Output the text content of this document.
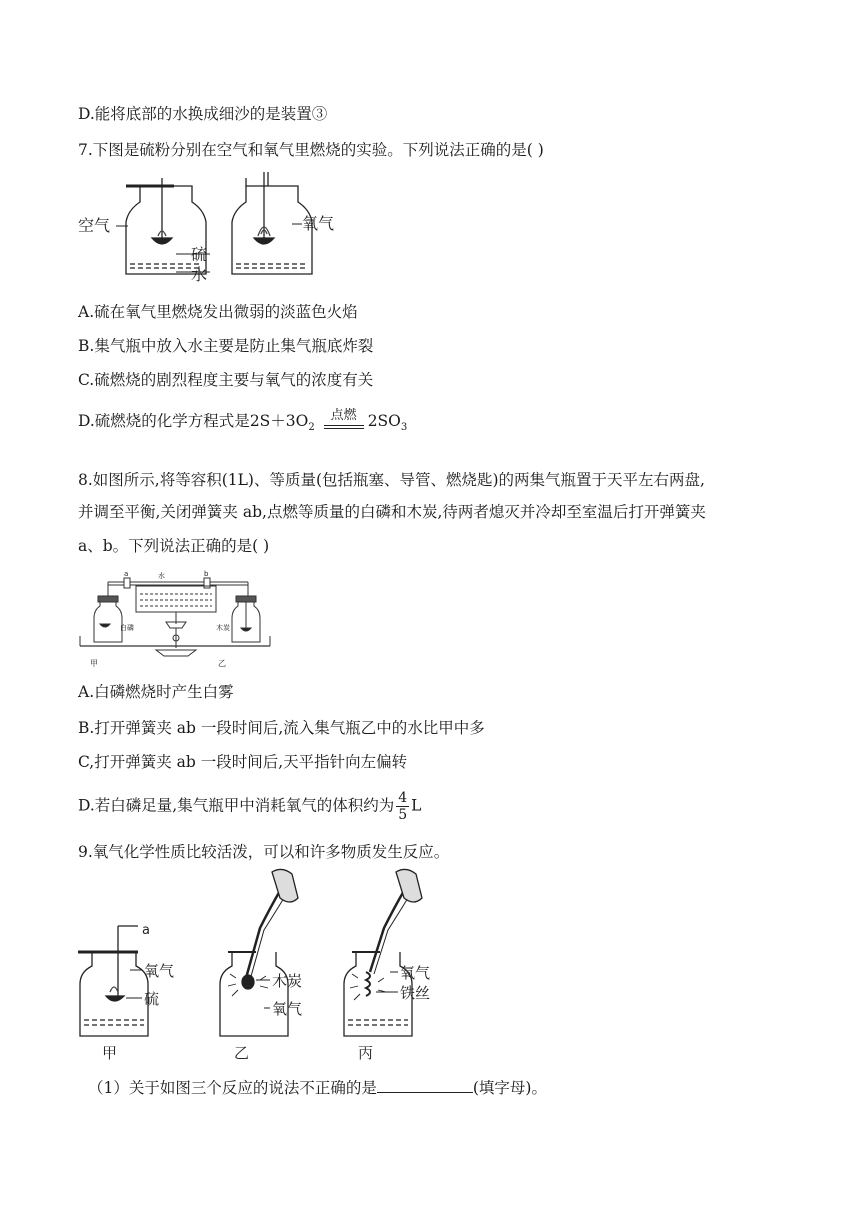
D.能将底部的水换成细沙的是装置③
7.下图是硫粉分别在空气和氧气里燃烧的实验。下列说法正确的是( )
空气	氧气
硫
水
A.硫在氧气里燃烧发出微弱的淡蓝色火焰
B.集气瓶中放入水主要是防止集气瓶底炸裂
C.硫燃烧的剧烈程度主要与氧气的浓度有关
D.硫燃烧的化学方程式是$2S+3O_2$
点燃 $2SO_3$
8.如图所示,将等容积(1L)、等质量(包括瓶塞、导管、燃烧匙)的两集气瓶置于天平左右两盘,
并调至平衡,关闭弹簧夹 ab,点燃等质量的白磷和木炭,待两者熄灭并冷却至室温后打开弹簧夹
a、b。下列说法正确的是( )
a	b
水
白磷	木炭
甲	乙
A.白磷燃烧时产生白雾
B.打开弹簧夹 ab 一段时间后,流入集气瓶乙中的水比甲中多
C,打开弹簧夹 ab 一段时间后,天平指针向左偏转
D.若白磷足量,集气瓶甲中消耗氧气的体积约为 $\frac{4}{5}$ L
9.氧气化学性质比较活泼，可以和许多物质发生反应。
a
氧气
硫
木炭
氧气
氧气
铁丝
甲	乙	丙
（1）关于如图三个反应的说法不正确的是	(填字母)。
